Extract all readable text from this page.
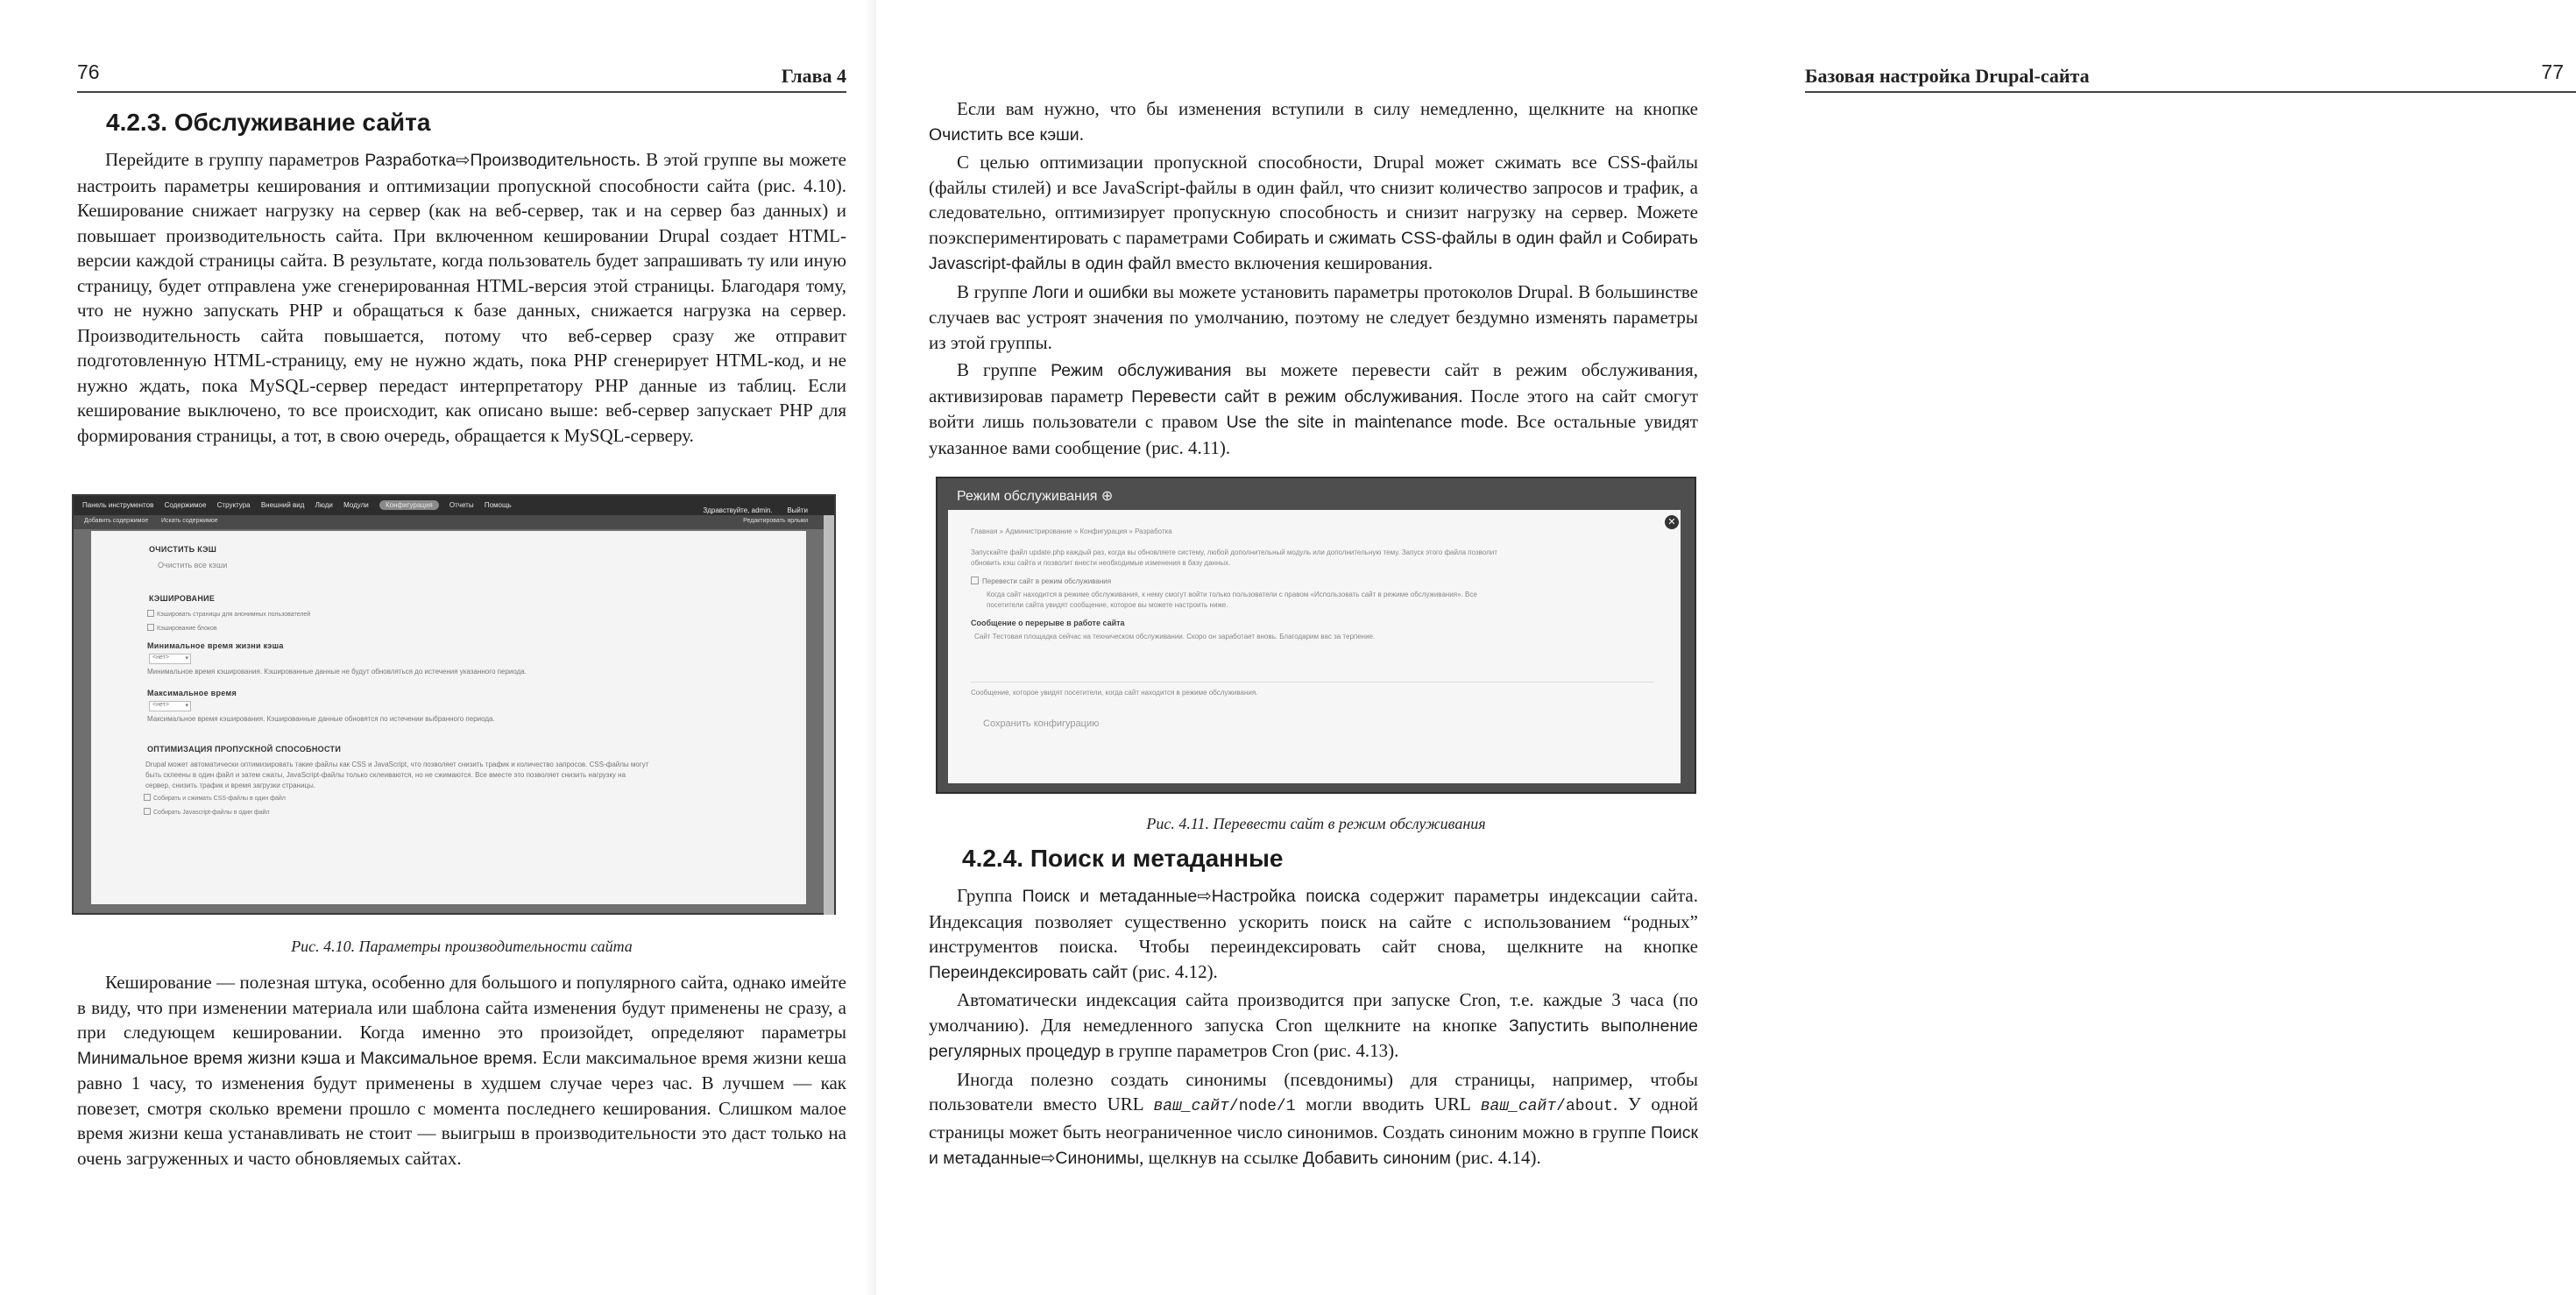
76	Глава 4
4.2.3. Обслуживание сайта

Перейдите в группу параметров Разработка⇨Производительность. В этой группе вы можете настроить параметры кеширования и оптимизации пропускной способности сайта (рис. 4.10). Кеширование снижает нагрузку на сервер (как на веб-сервер, так и на сервер баз данных) и повышает производительность сайта. При включенном кешировании Drupal создает HTML-версии каждой страницы сайта. В результате, когда пользователь будет запрашивать ту или иную страницу, будет отправлена уже сгенерированная HTML-версия этой страницы. Благодаря тому, что не нужно запускать PHP и обращаться к базе данных, снижается нагрузка на сервер. Производительность сайта повышается, потому что веб-сервер сразу же отправит подготовленную HTML-страницу, ему не нужно ждать, пока PHP сгенерирует HTML-код, и не нужно ждать, пока MySQL-сервер передаст интерпретатору PHP данные из таблиц. Если кеширование выключено, то все происходит, как описано выше: веб-сервер запускает PHP для формирования страницы, а тот, в свою очередь, обращается к MySQL-серверу.

Панель инструментов Содержимое Структура Внешний вид Люди Модули Конфигурация Отчеты Помощь
Здравствуйте, admin. Выйти
Добавить содержимое Искать содержимое	Редактировать ярлыки
ОЧИСТИТЬ КЭШ
Очистить все кэши
КЭШИРОВАНИЕ
Кэшировать страницы для анонимных пользователей
Кэширование блоков
Минимальное время жизни кэша
<нет> ▾
Минимальное время кэширования. Кэшированные данные не будут обновляться до истечения указанного периода.
Максимальное время
<нет> ▾
Максимальное время кэширования. Кэшированные данные обновятся по истечении выбранного периода.
ОПТИМИЗАЦИЯ ПРОПУСКНОЙ СПОСОБНОСТИ
Drupal может автоматически оптимизировать такие файлы как CSS и JavaScript, что позволяет снизить трафик и количество запросов. CSS-файлы могут
быть склеены в один файл и затем сжаты, JavaScript-файлы только склеиваются, но не сжимаются. Все вместе это позволяет снизить нагрузку на
сервер, снизить трафик и время загрузки страницы.
Собирать и сжимать CSS-файлы в один файл
Собирать Javascript-файлы в один файл
Рис. 4.10. Параметры производительности сайта

Кеширование — полезная штука, особенно для большого и популярного сайта, однако имейте в виду, что при изменении материала или шаблона сайта изменения будут применены не сразу, а при следующем кешировании. Когда именно это произойдет, определяют параметры Минимальное время жизни кэша и Максимальное время. Если максимальное время жизни кеша равно 1 часу, то изменения будут применены в худшем случае через час. В лучшем — как повезет, смотря сколько времени прошло с момента последнего кеширования. Слишком малое время жизни кеша устанавливать не стоит — выигрыш в производительности это даст только на очень загруженных и часто обновляемых сайтах.

Базовая настройка Drupal-сайта	77

Если вам нужно, что бы изменения вступили в силу немедленно, щелкните на кнопке Очистить все кэши.

С целью оптимизации пропускной способности, Drupal может сжимать все CSS-файлы (файлы стилей) и все JavaScript-файлы в один файл, что снизит количество запросов и трафик, а следовательно, оптимизирует пропускную способность и снизит нагрузку на сервер. Можете поэкспериментировать с параметрами Собирать и сжимать CSS-файлы в один файл и Собирать Javascript-файлы в один файл вместо включения кеширования.

В группе Логи и ошибки вы можете установить параметры протоколов Drupal. В большинстве случаев вас устроят значения по умолчанию, поэтому не следует бездумно изменять параметры из этой группы.

В группе Режим обслуживания вы можете перевести сайт в режим обслуживания, активизировав параметр Перевести сайт в режим обслуживания. После этого на сайт смогут войти лишь пользователи с правом Use the site in maintenance mode. Все остальные увидят указанное вами сообщение (рис. 4.11).

Режим обслуживания ⊕
✕
Главная » Администрирование » Конфигурация » Разработка
Запускайте файл update.php каждый раз, когда вы обновляете систему, любой дополнительный модуль или дополнительную тему. Запуск этого файла позволит
обновить кэш сайта и позволит внести необходимые изменения в базу данных.
Перевести сайт в режим обслуживания
Когда сайт находится в режиме обслуживания, к нему смогут войти только пользователи с правом «Использовать сайт в режиме обслуживания». Все
посетители сайта увидят сообщение, которое вы можете настроить ниже.
Сообщение о перерыве в работе сайта
Сайт Тестовая площадка сейчас на техническом обслуживании. Скоро он заработает вновь. Благодарим вас за терпение.
Сообщение, которое увидят посетители, когда сайт находится в режиме обслуживания.
Сохранить конфигурацию
Рис. 4.11. Перевести сайт в режим обслуживания
4.2.4. Поиск и метаданные

Группа Поиск и метаданные⇨Настройка поиска содержит параметры индексации сайта. Индексация позволяет существенно ускорить поиск на сайте с использованием “родных” инструментов поиска. Чтобы переиндексировать сайт снова, щелкните на кнопке Переиндексировать сайт (рис. 4.12).

Автоматически индексация сайта производится при запуске Cron, т.е. каждые 3 часа (по умолчанию). Для немедленного запуска Cron щелкните на кнопке Запустить выполнение регулярных процедур в группе параметров Cron (рис. 4.13).

Иногда полезно создать синонимы (псевдонимы) для страницы, например, чтобы пользователи вместо URL ваш_сайт/node/1 могли вводить URL ваш_сайт/about. У одной страницы может быть неограниченное число синонимов. Создать синоним можно в группе Поиск и метаданные⇨Синонимы, щелкнув на ссылке Добавить синоним (рис. 4.14).
